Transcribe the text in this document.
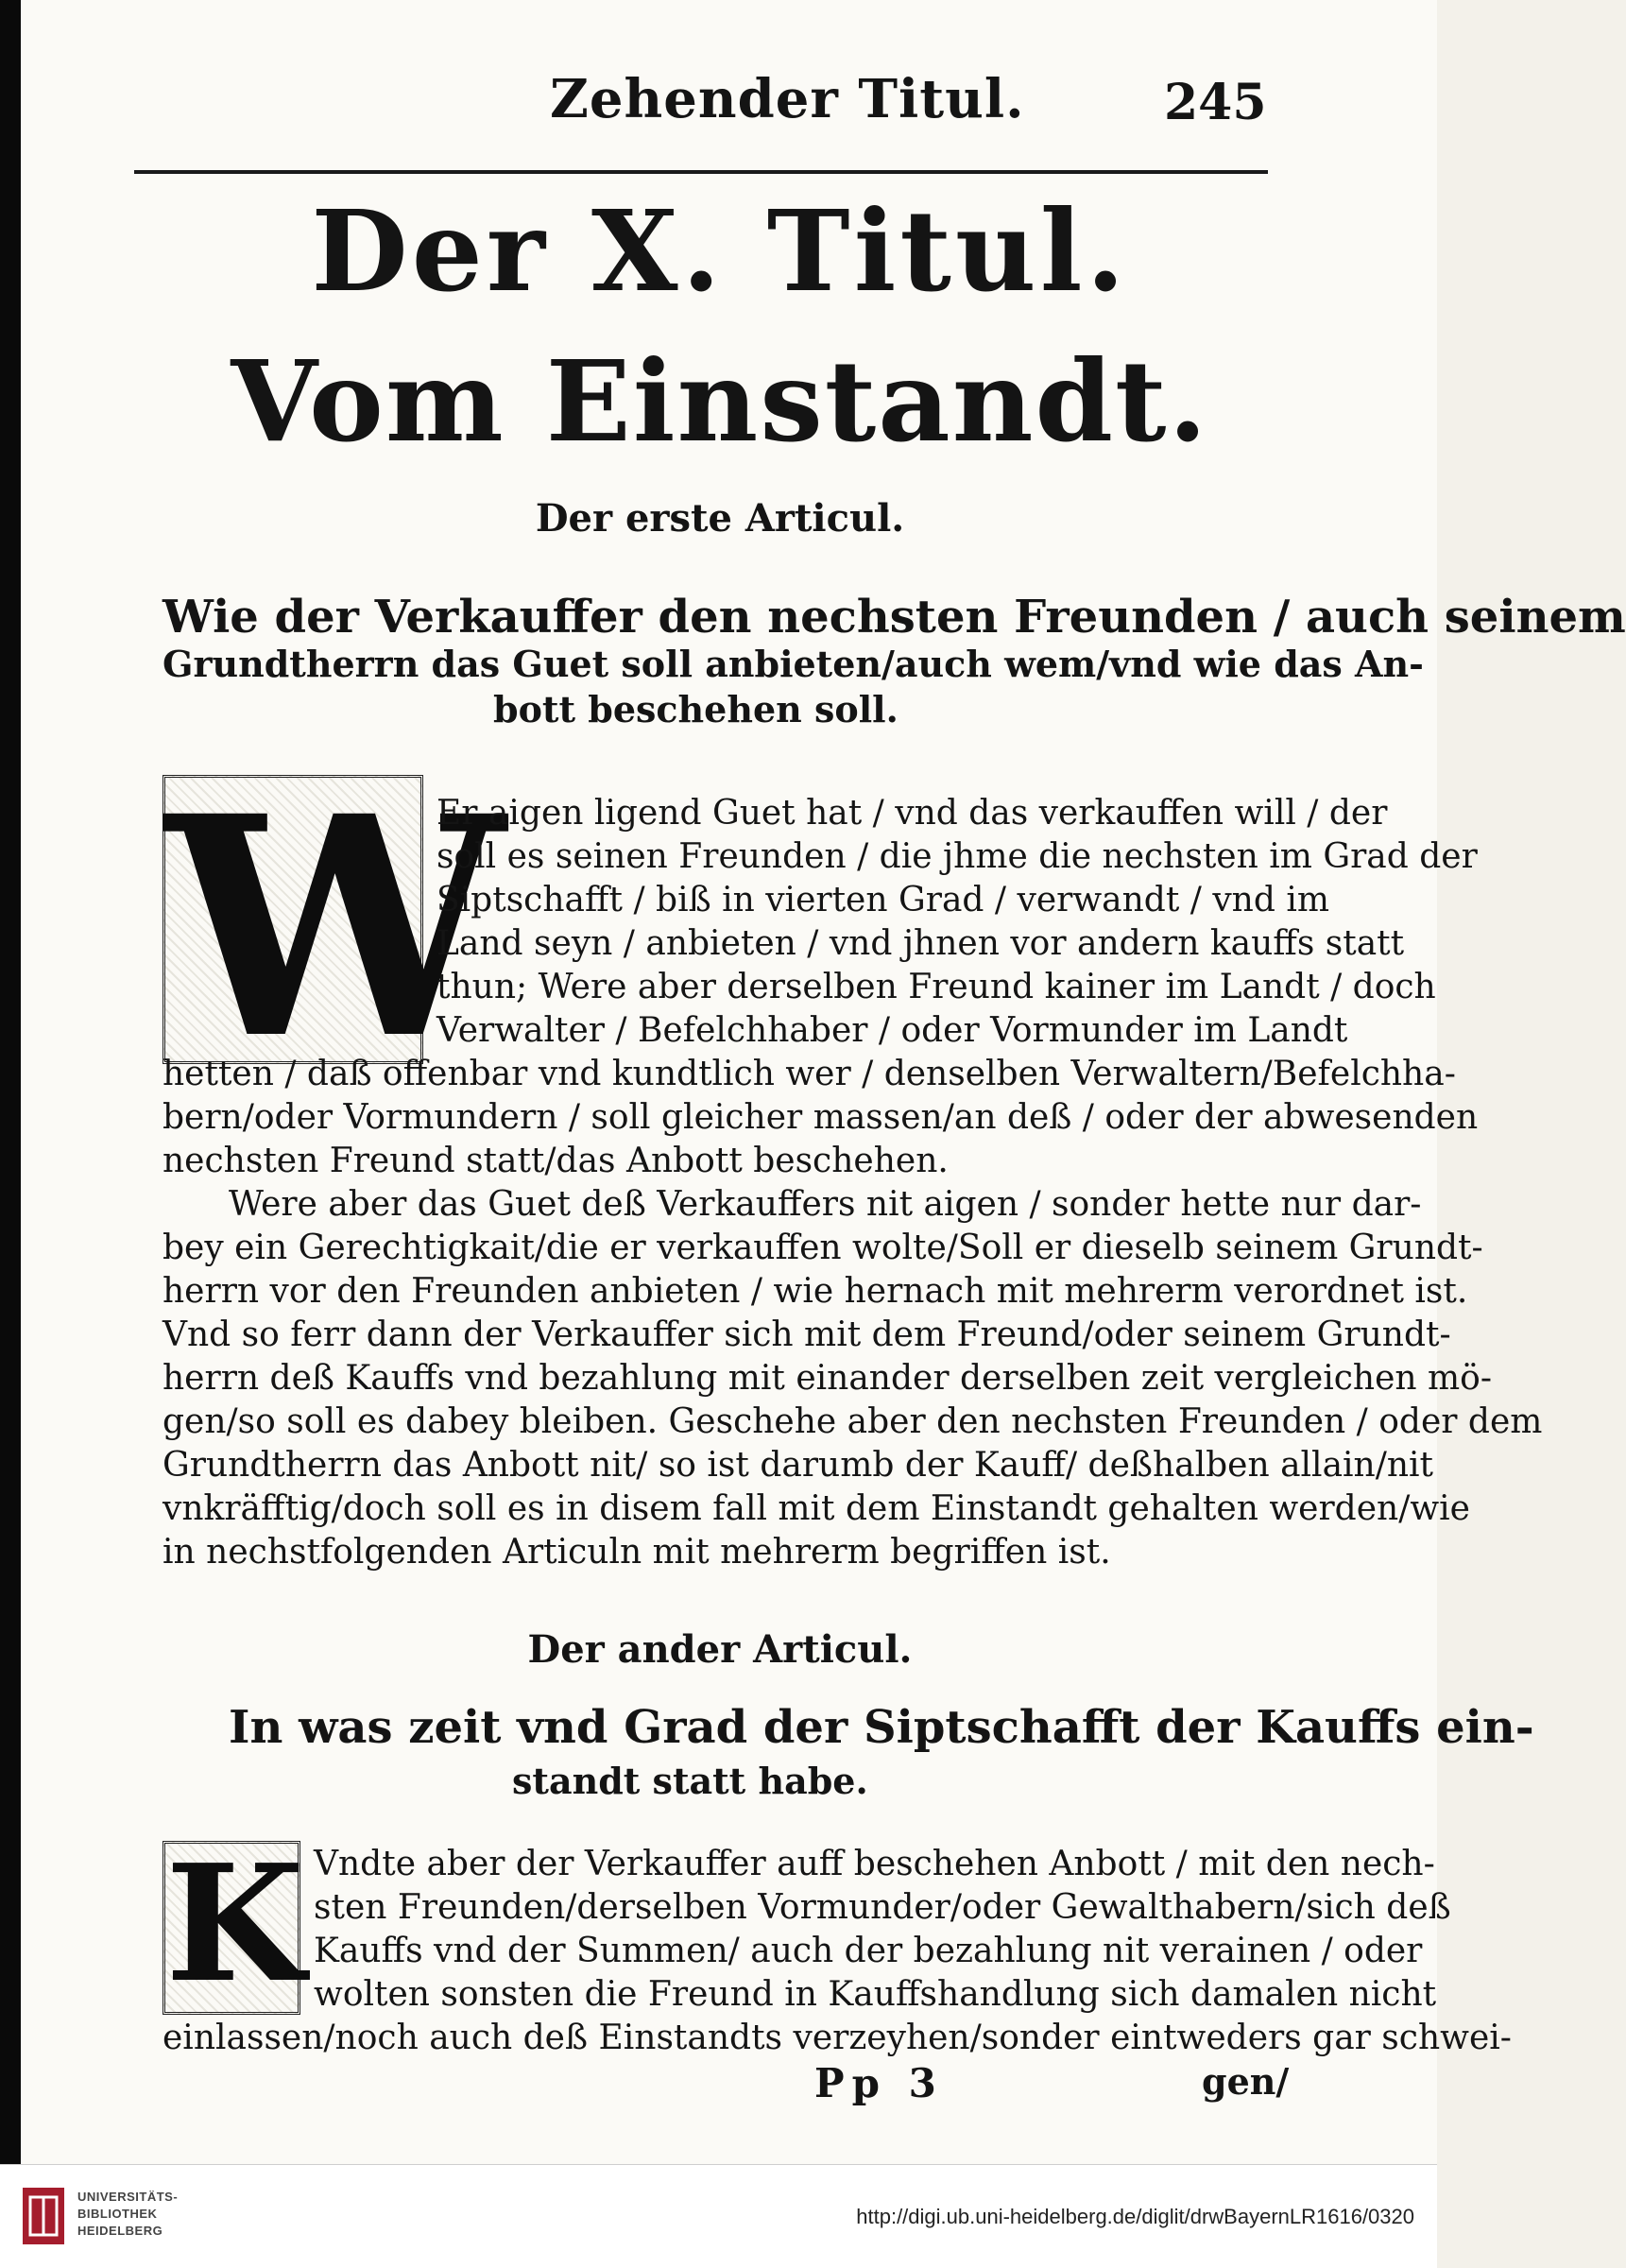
Zehender Titul.	245
Der X. Titul.
Vom Einstandt.
Der erste Articul.
Wie der Verkauffer den nechsten Freunden / auch seinem
Grundtherrn das Guet soll anbieten/auch wem/vnd wie das An-
bott beschehen soll.
W
Er aigen ligend Guet hat / vnd das verkauffen will / der
soll es seinen Freunden / die jhme die nechsten im Grad der
Siptschafft / biß in vierten Grad / verwandt / vnd im
Land seyn / anbieten / vnd jhnen vor andern kauffs statt
thun; Were aber derselben Freund kainer im Landt / doch
Verwalter / Befelchhaber / oder Vormunder im Landt
hetten / daß offenbar vnd kundtlich wer / denselben Verwaltern/Befelchha-
bern/oder Vormundern / soll gleicher massen/an deß / oder der abwesenden
nechsten Freund statt/das Anbott beschehen.
Were aber das Guet deß Verkauffers nit aigen / sonder hette nur dar-
bey ein Gerechtigkait/die er verkauffen wolte/Soll er dieselb seinem Grundt-
herrn vor den Freunden anbieten / wie hernach mit mehrerm verordnet ist.
Vnd so ferr dann der Verkauffer sich mit dem Freund/oder seinem Grundt-
herrn deß Kauffs vnd bezahlung mit einander derselben zeit vergleichen mö-
gen/so soll es dabey bleiben. Geschehe aber den nechsten Freunden / oder dem
Grundtherrn das Anbott nit/ so ist darumb der Kauff/ deßhalben allain/nit
vnkräfftig/doch soll es in disem fall mit dem Einstandt gehalten werden/wie
in nechstfolgenden Articuln mit mehrerm begriffen ist.
Der ander Articul.
In was zeit vnd Grad der Siptschafft der Kauffs ein-
standt statt habe.
K Vndte aber der Verkauffer auff beschehen Anbott / mit den nech-
sten Freunden/derselben Vormunder/oder Gewalthabern/sich deß
Kauffs vnd der Summen/ auch der bezahlung nit verainen / oder
wolten sonsten die Freund in Kauffshandlung sich damalen nicht
einlassen/noch auch deß Einstandts verzeyhen/sonder eintweders gar schwei-
Pp 3	gen/
UNIVERSITÄTS-
BIBLIOTHEK
HEIDELBERG
http://digi.ub.uni-heidelberg.de/diglit/drwBayernLR1616/0320
